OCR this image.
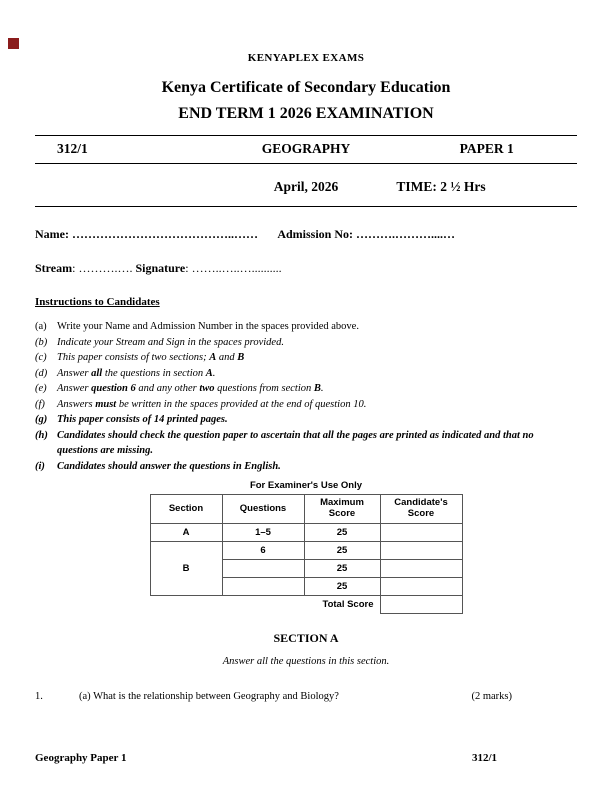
KENYAPLEX EXAMS
Kenya Certificate of Secondary Education
END TERM 1 2026 EXAMINATION
312/1	GEOGRAPHY	PAPER 1
April, 2026	TIME: 2 ½ Hrs
Name: …………………………………..…… Admission No: ……….………....…
Stream: ……….…. Signature: ……..…..…..........
Instructions to Candidates
(a) Write your Name and Admission Number in the spaces provided above.
(b) Indicate your Stream and Sign in the spaces provided.
(c) This paper consists of two sections; A and B
(d) Answer all the questions in section A.
(e) Answer question 6 and any other two questions from section B.
(f)	Answers must be written in the spaces provided at the end of question 10.
(g) This paper consists of 14 printed pages.
(h) Candidates should check the question paper to ascertain that all the pages are printed as indicated and that no questions are missing.
(i)	Candidates should answer the questions in English.
For Examiner's Use Only
Section	Questions	Maximum Score	Candidate's Score
A	1–5	25	
B	6	25	
		25	
		25	
Total Score			
SECTION A
Answer all the questions in this section.
1.	(a) What is the relationship between Geography and Biology?	(2 marks)
Geography Paper 1	312/1
